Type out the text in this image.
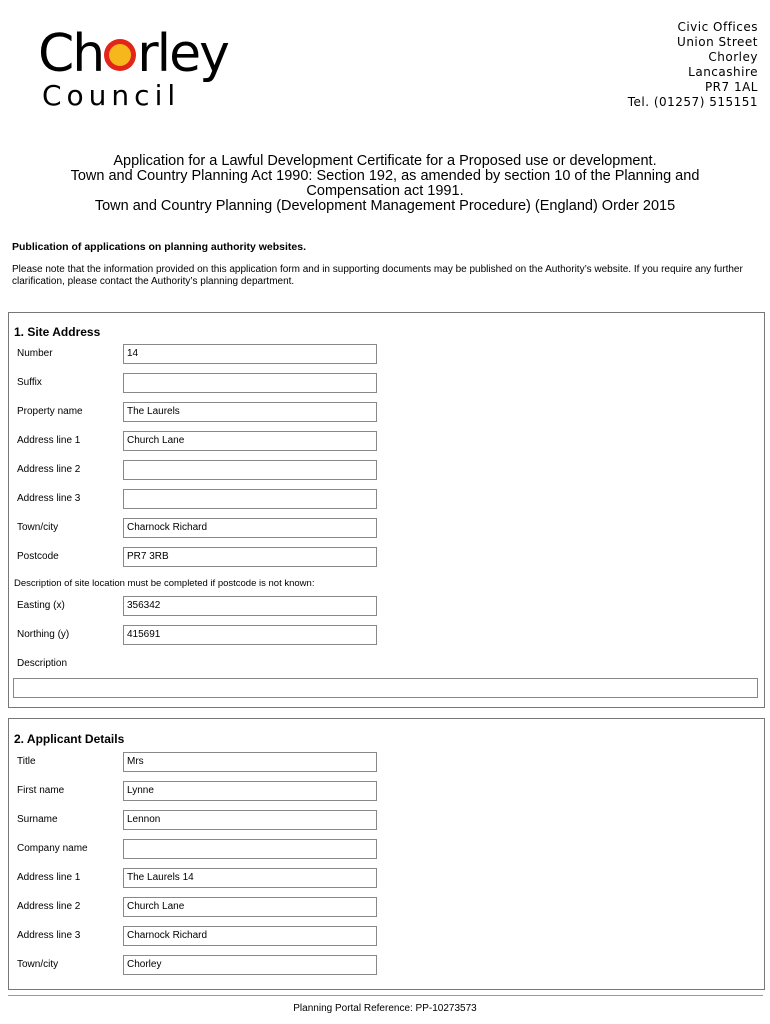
Ch rley
Council
Civic Offices
Union Street
Chorley
Lancashire
PR7 1AL
Tel. (01257) 515151
Application for a Lawful Development Certificate for a Proposed use or development.
Town and Country Planning Act 1990: Section 192, as amended by section 10 of the Planning and
Compensation act 1991.
Town and Country Planning (Development Management Procedure) (England) Order 2015
Publication of applications on planning authority websites.
Please note that the information provided on this application form and in supporting documents may be published on the Authority’s website. If you require any further clarification, please contact the Authority’s planning department.
1. Site Address
Number	14
Suffix
Property name	The Laurels
Address line 1	Church Lane
Address line 2
Address line 3
Town/city	Charnock Richard
Postcode	PR7 3RB
Description of site location must be completed if postcode is not known:
Easting (x)	356342
Northing (y)	415691
Description
2. Applicant Details
Title	Mrs
First name	Lynne
Surname	Lennon
Company name
Address line 1	The Laurels 14
Address line 2	Church Lane
Address line 3	Charnock Richard
Town/city	Chorley
Planning Portal Reference: PP-10273573
